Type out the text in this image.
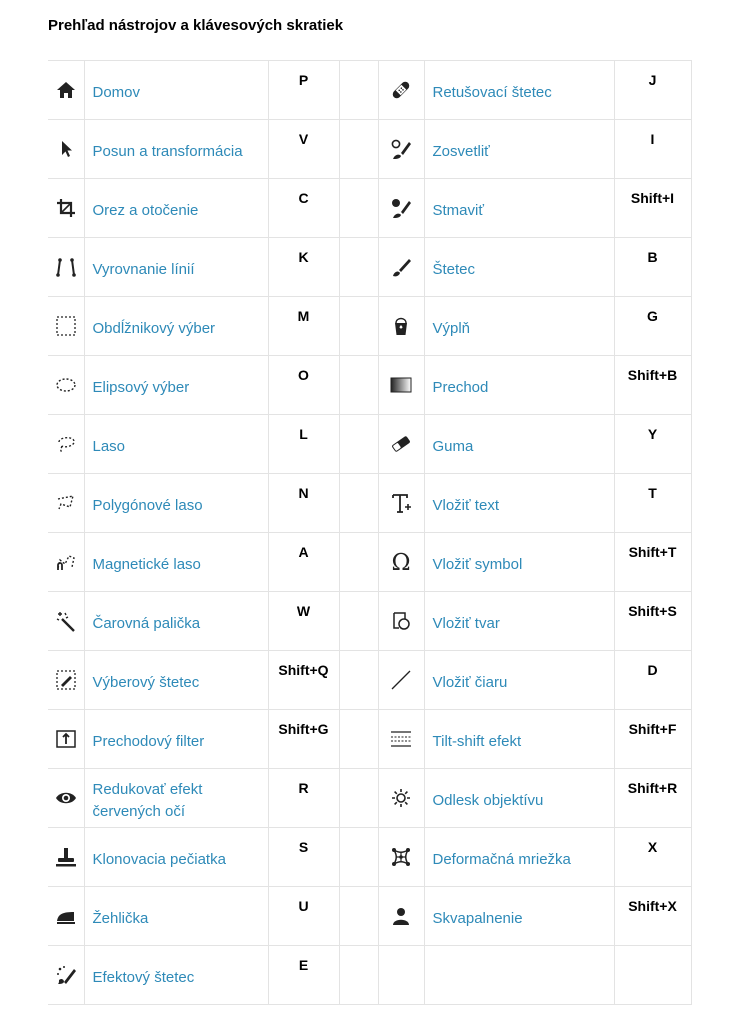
Prehľad nástrojov a klávesových skratiek
	Domov	P			Retušovací štetec	J
	Posun a transformácia	V			Zosvetliť	I
	Orez a otočenie	C			Stmaviť	Shift+I
	Vyrovnanie línií	K			Štetec	B
	Obdĺžnikový výber	M			Výplň	G
	Elipsový výber	O			Prechod	Shift+B
	Laso	L			Guma	Y
	Polygónové laso	N			Vložiť text	T
	Magnetické laso	A		Ω	Vložiť symbol	Shift+T
	Čarovná palička	W			Vložiť tvar	Shift+S
	Výberový štetec	Shift+Q			Vložiť čiaru	D
	Prechodový filter	Shift+G			Tilt-shift efekt	Shift+F
	Redukovať efekt červených očí	R			Odlesk objektívu	Shift+R
	Klonovacia pečiatka	S			Deformačná mriežka	X
	Žehlička	U			Skvapalnenie	Shift+X
	Efektový štetec	E				
